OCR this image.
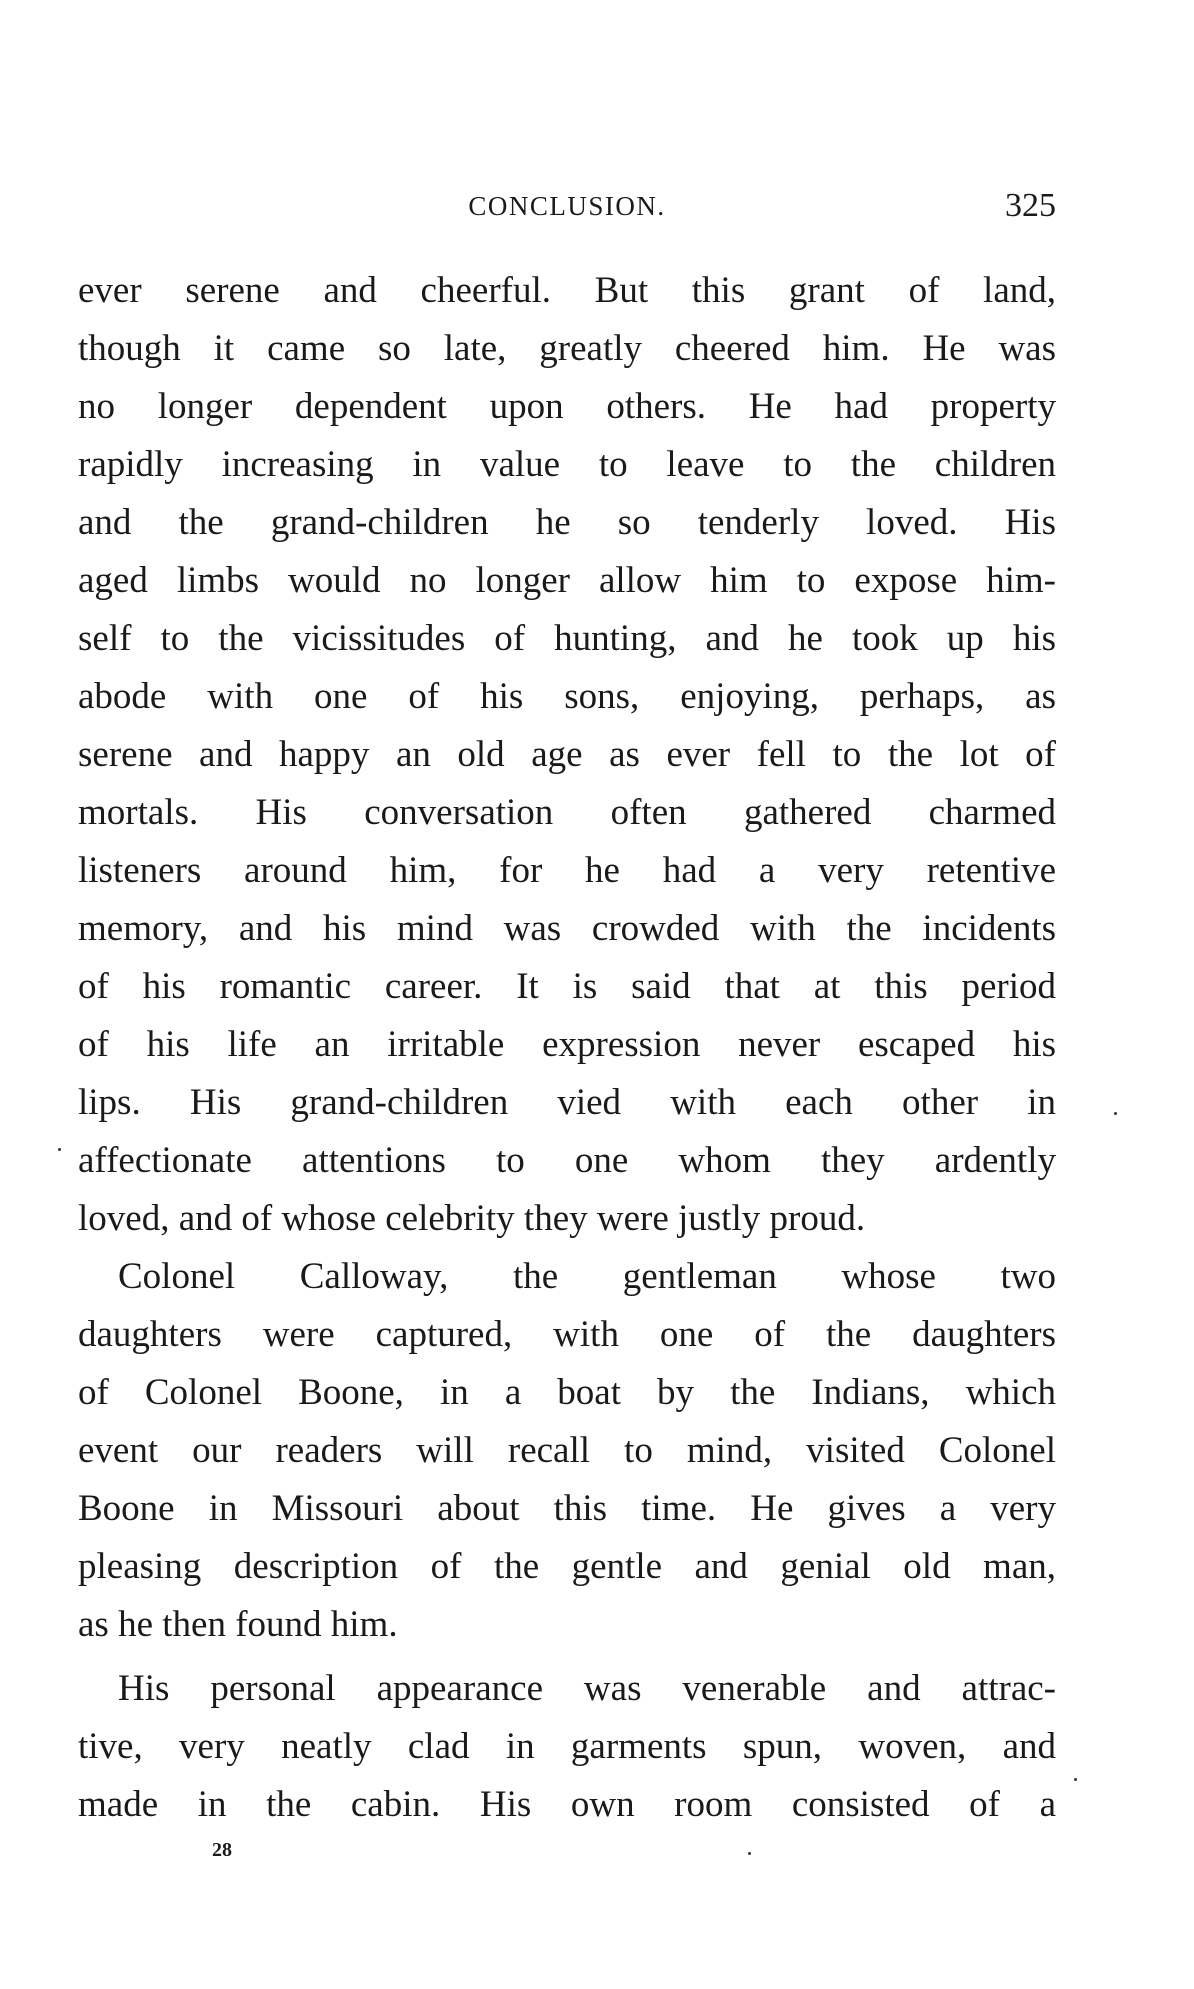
CONCLUSION.	325
ever serene and cheerful. But this grant of land,
though it came so late, greatly cheered him. He was
no longer dependent upon others. He had property
rapidly increasing in value to leave to the children
and the grand-children he so tenderly loved. His
aged limbs would no longer allow him to expose him-
self to the vicissitudes of hunting, and he took up his
abode with one of his sons, enjoying, perhaps, as
serene and happy an old age as ever fell to the lot of
mortals. His conversation often gathered charmed
listeners around him, for he had a very retentive
memory, and his mind was crowded with the incidents
of his romantic career. It is said that at this period
of his life an irritable expression never escaped his
lips. His grand-children vied with each other in
affectionate attentions to one whom they ardently
loved, and of whose celebrity they were justly proud.
Colonel Calloway, the gentleman whose two
daughters were captured, with one of the daughters
of Colonel Boone, in a boat by the Indians, which
event our readers will recall to mind, visited Colonel
Boone in Missouri about this time. He gives a very
pleasing description of the gentle and genial old man,
as he then found him.
His personal appearance was venerable and attrac-
tive, very neatly clad in garments spun, woven, and
made in the cabin. His own room consisted of a
28
